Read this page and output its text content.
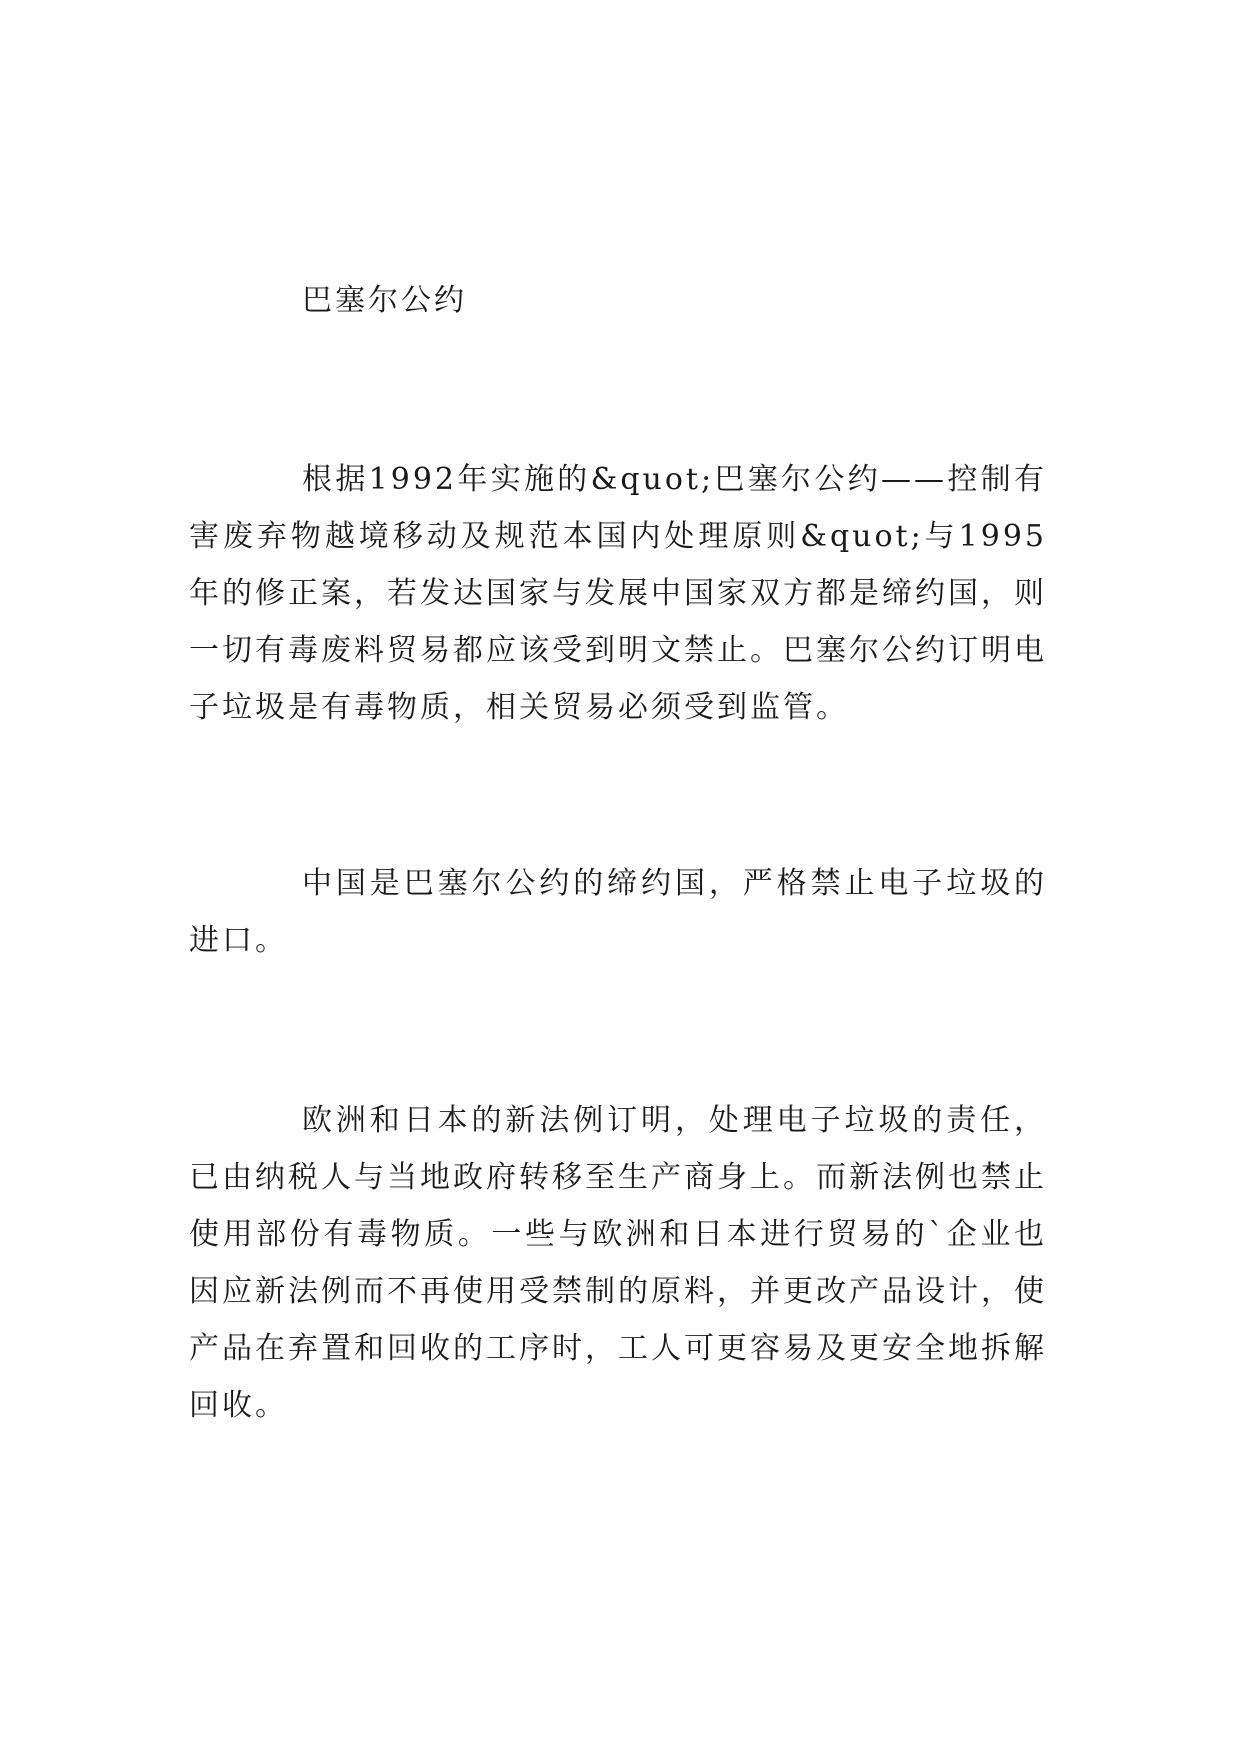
巴塞尔公约

根据1992年实施的&quot;巴塞尔公约——控制有害废弃物越境移动及规范本国内处理原则&quot;与1995年的修正案，若发达国家与发展中国家双方都是缔约国，则一切有毒废料贸易都应该受到明文禁止。巴塞尔公约订明电子垃圾是有毒物质，相关贸易必须受到监管。

中国是巴塞尔公约的缔约国，严格禁止电子垃圾的进口。

欧洲和日本的新法例订明，处理电子垃圾的责任，已由纳税人与当地政府转移至生产商身上。而新法例也禁止使用部份有毒物质。一些与欧洲和日本进行贸易的`企业也因应新法例而不再使用受禁制的原料，并更改产品设计，使产品在弃置和回收的工序时，工人可更容易及更安全地拆解回收。
